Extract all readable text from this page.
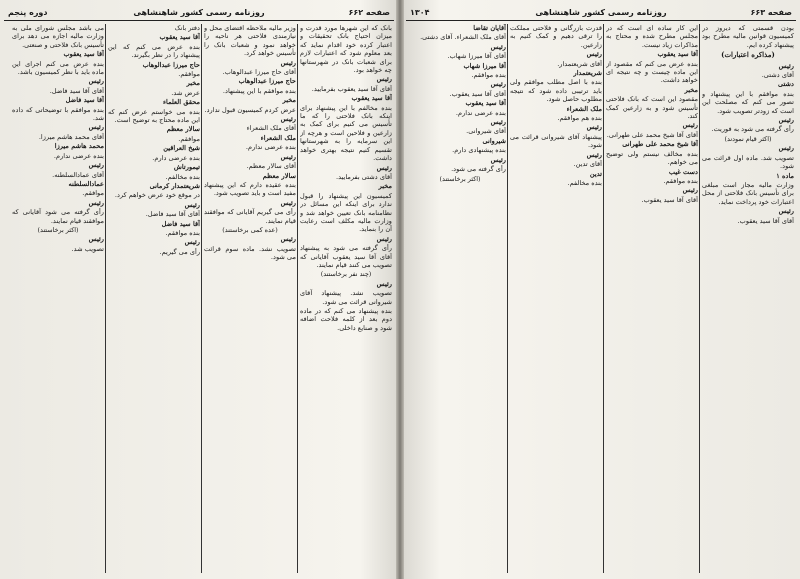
صفحه ۶۶۲
روزنامه رسمی کشور شاهنشاهی
دوره پنجم

بانک که این شهرها مورد قدرت و میزان احتیاج بانک تحقیقات و اعتبار کرده خود اقدام نماید که بعد معلوم شود که اعتبارات لازم برای شعبات بانک در شهرستانها چه خواهد بود.

رئیس

آقای آقا سید یعقوب بفرمایید.

آقا سید یعقوب

بنده مخالفم با این پیشنهاد برای اینکه بانک فلاحتی را که ما تأسیس می کنیم برای کمک به زارعین و فلاحین است و هرچه از این سرمایه را به شهرستانها تقسیم کنیم نتیجه بهتری خواهد داشت.

رئیس

آقای دشتی بفرمایید.

مخبر

کمیسیون این پیشنهاد را قبول ندارد برای اینکه این مسائل در نظامنامه بانک تعیین خواهد شد و وزارت مالیه مکلف است رعایت آن را بنماید.

رئیس

رأی گرفته می شود به پیشنهاد آقای آقا سید یعقوب آقایانی که تصویب می کنند قیام نمایند.

(چند نفر برخاستند)

رئیس

تصویب نشد. پیشنهاد آقای شیروانی قرائت می شود.

بنده پیشنهاد می کنم که در ماده دوم بعد از کلمه فلاحت اضافه شود و صنایع داخلی.

وزیر مالیه ملاحظه اقتضای محل و نیازمندی فلاحتی هر ناحیه را خواهد نمود و شعبات بانک را تأسیس خواهد کرد.

رئیس

آقای حاج میرزا عبدالوهاب.

حاج میرزا عبدالوهاب

بنده موافقم با این پیشنهاد.

مخبر

عرض کردم کمیسیون قبول ندارد.

رئیس

آقای ملک الشعراء

ملک الشعراء

بنده عرضی ندارم.

رئیس

آقای سالار معظم.

سالار معظم

بنده عقیده دارم که این پیشنهاد مفید است و باید تصویب شود.

رئیس

رأی می گیریم آقایانی که موافقند قیام نمایند.

(عده کمی برخاستند)

رئیس

تصویب نشد. ماده سوم قرائت می شود.

دفتر بانک

آقا سید یعقوب

بنده عرض می کنم که این پیشنهاد را در نظر بگیرند.

حاج میرزا عبدالوهاب

موافقم.

مخبر

عرض شد.

محقق العلماء

بنده می خواستم عرض کنم که این ماده محتاج به توضیح است.

سالار معظم

موافقم.

شیخ العراقین

بنده عرضی دارم.

تیمورتاش

بنده مخالفم.

شریعتمدار کرمانی

در موقع خود عرض خواهم کرد.

رئیس

آقای آقا سید فاضل.

آقا سید فاضل

بنده موافقم.

رئیس

رأی می گیریم.

می باشد مجلس شورای ملی به وزارت مالیه اجازه می دهد برای تأسیس بانک فلاحتی و صنعتی.

آقا سید یعقوب

بنده عرض می کنم اجرای این ماده باید با نظر کمیسیون باشد.

رئیس

آقای آقا سید فاضل.

آقا سید فاضل

بنده موافقم با توضیحاتی که داده شد.

رئیس

آقای محمد هاشم میرزا.

محمد هاشم میرزا

بنده عرضی ندارم.

رئیس

آقای عمادالسلطنه.

عمادالسلطنه

موافقم.

رئیس

رأی گرفته می شود آقایانی که موافقند قیام نمایند.

(اکثر برخاستند)

رئیس

تصویب شد.

صفحه ۶۶۳
روزنامه رسمی کشور شاهنشاهی
۱۳۰۴

بودن قسمتی که دیروز در کمیسیون قوانین مالیه مطرح بود پیشنهاد کرده ایم.

(مذاکره اعتبارات)

رئیس

آقای دشتی.

دشتی

بنده موافقم با این پیشنهاد و تصور می کنم که مصلحت این است که زودتر تصویب شود.

رئیس

رأی گرفته می شود به فوریت.

(اکثر قیام نمودند)

رئیس

تصویب شد. ماده اول قرائت می شود.

ماده ۱

وزارت مالیه مجاز است مبلغی برای تأسیس بانک فلاحتی از محل اعتبارات خود پرداخت نماید.

رئیس

آقای آقا سید یعقوب.

این کار ساده ای است که در مجلس مطرح شده و محتاج به مذاکرات زیاد نیست.

آقا سید یعقوب

بنده عرض می کنم که مقصود از این ماده چیست و چه نتیجه ای خواهد داشت.

مخبر

مقصود این است که بانک فلاحتی تأسیس شود و به زارعین کمک کند.

رئیس

آقای آقا شیخ محمد علی طهرانی.

آقا شیخ محمد علی طهرانی

بنده مخالف نیستم ولی توضیح می خواهم.

دست غیب

بنده موافقم.

رئیس

آقای آقا سید یعقوب.

قدرت بازرگانی و فلاحتی مملکت را ترقی دهیم و کمک کنیم به زارعین.

رئیس

آقای شریعتمدار.

شریعتمدار

بنده با اصل مطلب موافقم ولی باید ترتیبی داده شود که نتیجه مطلوب حاصل شود.

ملک الشعراء

بنده هم موافقم.

رئیس

پیشنهاد آقای شیروانی قرائت می شود.

رئیس

آقای تدین.

تدین

بنده مخالفم.

آقایان تقاضا

آقای ملک الشعراء. آقای دشتی.

رئیس

آقای آقا میرزا شهاب.

آقا میرزا شهاب

بنده موافقم.

رئیس

آقای آقا سید یعقوب.

آقا سید یعقوب

بنده عرضی ندارم.

رئیس

آقای شیروانی.

شیروانی

بنده پیشنهادی دارم.

رئیس

رأی گرفته می شود.

(اکثر برخاستند)
